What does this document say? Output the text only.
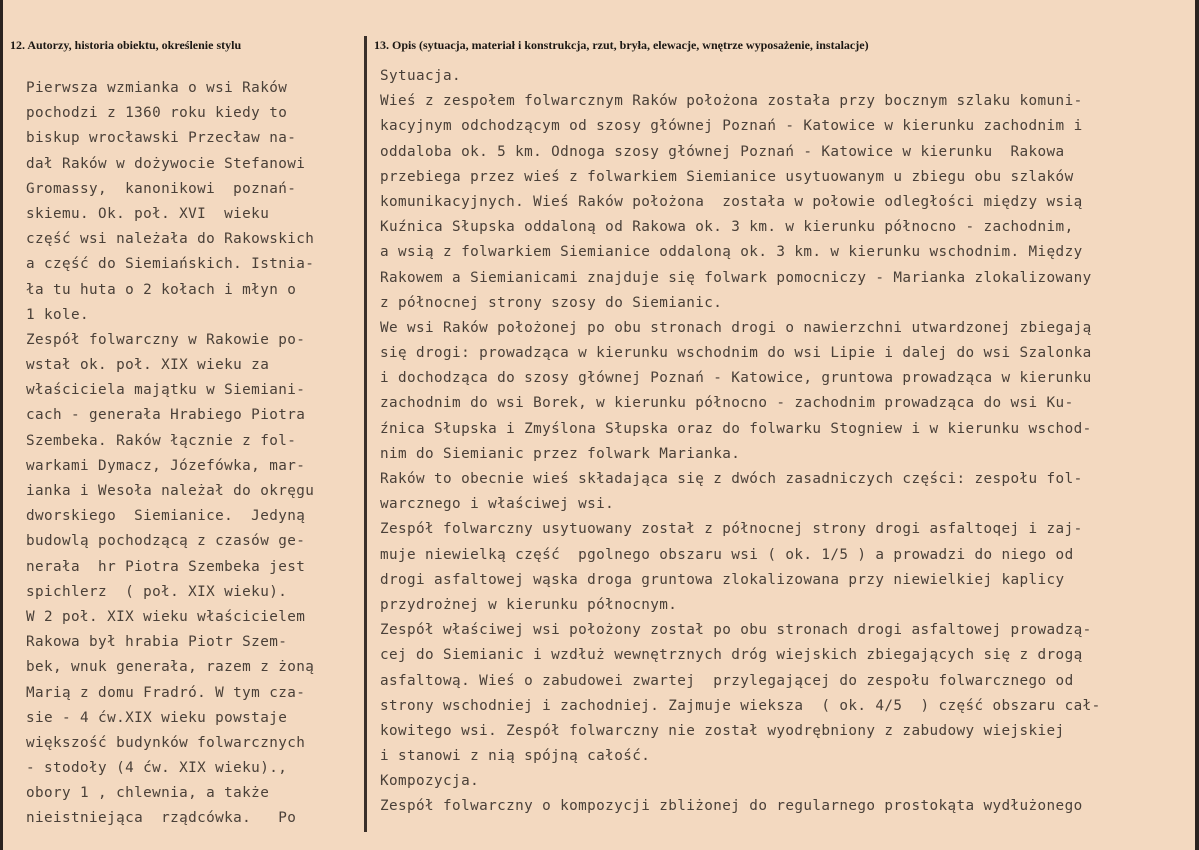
12. Autorzy, historia obiektu, określenie stylu	13. Opis (sytuacja, materiał i konstrukcja, rzut, bryła, elewacje, wnętrze wyposażenie, instalacje)
Pierwsza wzmianka o wsi Raków
pochodzi z 1360 roku kiedy to
biskup wrocławski Przecław na-
dał Raków w dożywocie Stefanowi
Gromassy,  kanonikowi  poznań-
skiemu. Ok. poł. XVI  wieku
część wsi należała do Rakowskich
a część do Siemiańskich. Istnia-
ła tu huta o 2 kołach i młyn o
1 kole.
Zespół folwarczny w Rakowie po-
wstał ok. poł. XIX wieku za
właściciela majątku w Siemiani-
cach - generała Hrabiego Piotra
Szembeka. Raków łącznie z fol-
warkami Dymacz, Józefówka, mar-
ianka i Wesoła należał do okręgu
dworskiego  Siemianice.  Jedyną
budowlą pochodzącą z czasów ge-
nerała  hr Piotra Szembeka jest
spichlerz  ( poł. XIX wieku).
W 2 poł. XIX wieku właścicielem
Rakowa był hrabia Piotr Szem-
bek, wnuk generała, razem z żoną
Marią z domu Fradró. W tym cza-
sie - 4 ćw.XIX wieku powstaje
większość budynków folwarcznych
- stodoły (4 ćw. XIX wieku).,
obory 1 , chlewnia, a także
nieistniejąca  rządcówka.   Po
Sytuacja.
Wieś z zespołem folwarcznym Raków położona została przy bocznym szlaku komuni-
kacyjnym odchodzącym od szosy głównej Poznań - Katowice w kierunku zachodnim i
oddaloba ok. 5 km. Odnoga szosy głównej Poznań - Katowice w kierunku  Rakowa
przebiega przez wieś z folwarkiem Siemianice usytuowanym u zbiegu obu szlaków
komunikacyjnych. Wieś Raków położona  została w połowie odległości między wsią
Kuźnica Słupska oddaloną od Rakowa ok. 3 km. w kierunku północno - zachodnim,
a wsią z folwarkiem Siemianice oddaloną ok. 3 km. w kierunku wschodnim. Między
Rakowem a Siemianicami znajduje się folwark pomocniczy - Marianka zlokalizowany
z północnej strony szosy do Siemianic.
We wsi Raków położonej po obu stronach drogi o nawierzchni utwardzonej zbiegają
się drogi: prowadząca w kierunku wschodnim do wsi Lipie i dalej do wsi Szalonka
i dochodząca do szosy głównej Poznań - Katowice, gruntowa prowadząca w kierunku
zachodnim do wsi Borek, w kierunku północno - zachodnim prowadząca do wsi Ku-
źnica Słupska i Zmyślona Słupska oraz do folwarku Stogniew i w kierunku wschod-
nim do Siemianic przez folwark Marianka.
Raków to obecnie wieś składająca się z dwóch zasadniczych części: zespołu fol-
warcznego i właściwej wsi.
Zespół folwarczny usytuowany został z północnej strony drogi asfaltoqej i zaj-
muje niewielką część  pgolnego obszaru wsi ( ok. 1/5 ) a prowadzi do niego od
drogi asfaltowej wąska droga gruntowa zlokalizowana przy niewielkiej kaplicy
przydrożnej w kierunku północnym.
Zespół właściwej wsi położony został po obu stronach drogi asfaltowej prowadzą-
cej do Siemianic i wzdłuż wewnętrznych dróg wiejskich zbiegających się z drogą
asfaltową. Wieś o zabudowei zwartej  przylegającej do zespołu folwarcznego od
strony wschodniej i zachodniej. Zajmuje wieksza  ( ok. 4/5  ) część obszaru cał-
kowitego wsi. Zespół folwarczny nie został wyodrębniony z zabudowy wiejskiej
i stanowi z nią spójną całość.
Kompozycja.
Zespół folwarczny o kompozycji zbliżonej do regularnego prostokąta wydłużonego
